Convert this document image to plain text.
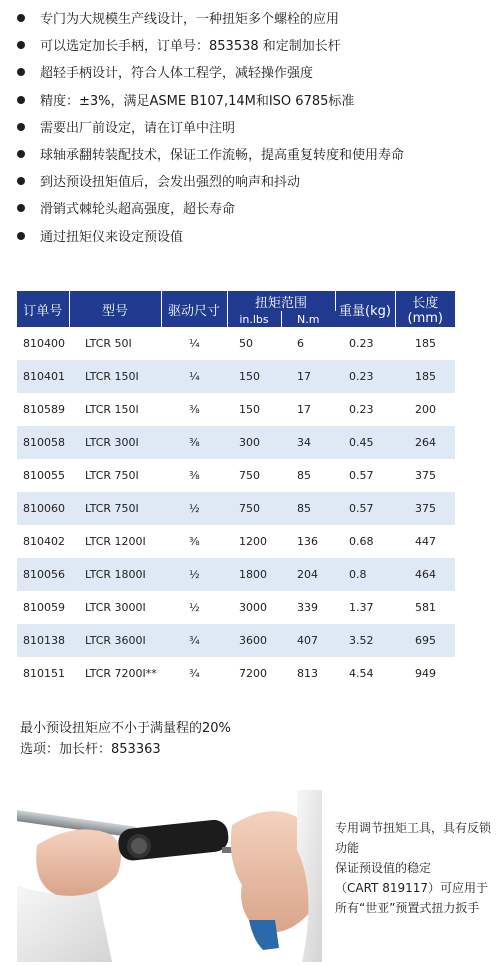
专门为大规模生产线设计，一种扭矩多个螺栓的应用
可以选定加长手柄，订单号：853538 和定制加长杆
超轻手柄设计，符合人体工程学，减轻操作强度
精度：±3%，满足ASME B107,14M和ISO 6785标准
需要出厂前设定，请在订单中注明
球轴承翻转装配技术，保证工作流畅，提高重复转度和使用寿命
到达预设扭矩值后，会发出强烈的响声和抖动
滑销式棘轮头超高强度，超长寿命
通过扭矩仪来设定预设值
订单号	型号	驱动尺寸	扭矩范围		重量(kg)	长度(mm)
			in.lbs	N.m		
810400	LTCR 50I	¼	50	6	0.23	185
810401	LTCR 150I	¼	150	17	0.23	185
810589	LTCR 150I	⅜	150	17	0.23	200
810058	LTCR 300I	⅜	300	34	0.45	264
810055	LTCR 750I	⅜	750	85	0.57	375
810060	LTCR 750I	½	750	85	0.57	375
810402	LTCR 1200I	⅜	1200	136	0.68	447
810056	LTCR 1800I	½	1800	204	0.8	464
810059	LTCR 3000I	½	3000	339	1.37	581
810138	LTCR 3600I	¾	3600	407	3.52	695
810151	LTCR 7200I**	¾	7200	813	4.54	949
最小预设扭矩应不小于满量程的20%
选项：加长杆：853363
专用调节扭矩工具，具有反锁功能
保证预设值的稳定
（CART 819117）可应用于所有“世亚”预置式扭力扳手
